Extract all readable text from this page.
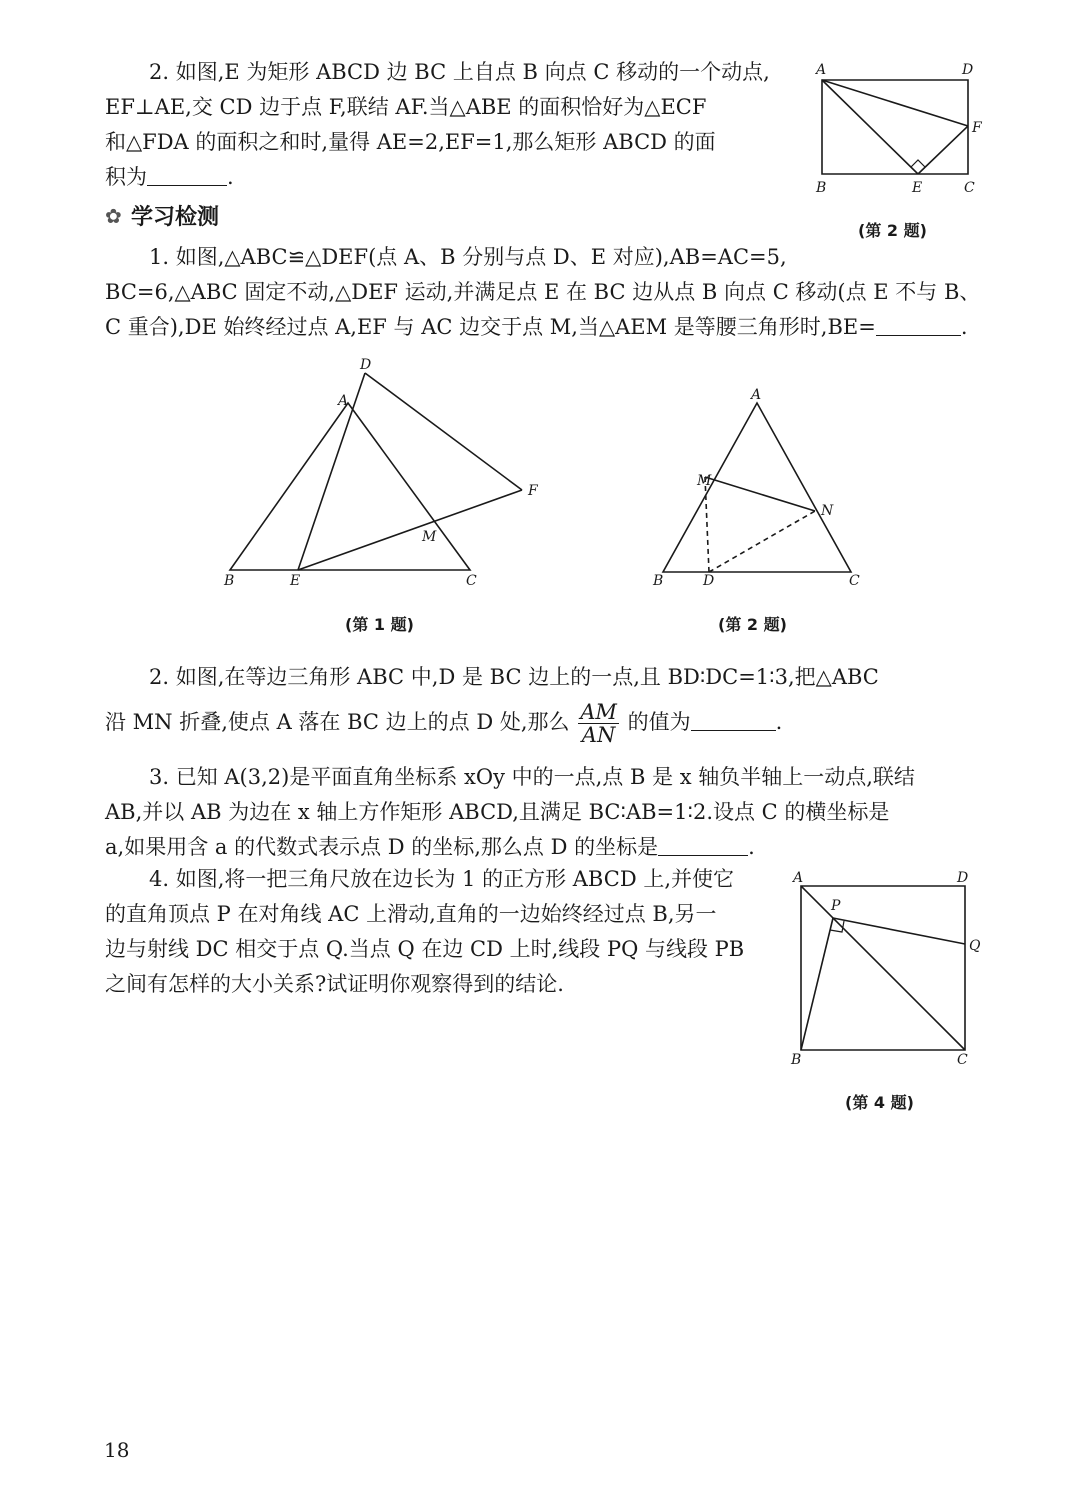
2. 如图,E 为矩形 ABCD 边 BC 上自点 B 向点 C 移动的一个动点,
EF⊥AE,交 CD 边于点 F,联结 AF.当△ABE 的面积恰好为△ECF
和△FDA 的面积之和时,量得 AE=2,EF=1,那么矩形 ABCD 的面
积为	.
A	D
B	E	C
F
(第 2 题)
✿ 学习检测
1. 如图,△ABC≌△DEF(点 A、B 分别与点 D、E 对应),AB=AC=5,
BC=6,△ABC 固定不动,△DEF 运动,并满足点 E 在 BC 边从点 B 向点 C 移动(点 E 不与 B、
C 重合),DE 始终经过点 A,EF 与 AC 边交于点 M,当△AEM 是等腰三角形时,BE=	.
D
A
F
M
B	E	C
(第 1 题)
A
M
N
B	D	C
(第 2 题)
2. 如图,在等边三角形 ABC 中,D 是 BC 边上的一点,且 BD∶DC=1∶3,把△ABC
沿 MN 折叠,使点 A 落在 BC 边上的点 D 处,那么 $\frac{AM}{AN}$ 的值为	.
3. 已知 A(3,2)是平面直角坐标系 xOy 中的一点,点 B 是 x 轴负半轴上一动点,联结
AB,并以 AB 为边在 x 轴上方作矩形 ABCD,且满足 BC∶AB=1∶2.设点 C 的横坐标是
a,如果用含 a 的代数式表示点 D 的坐标,那么点 D 的坐标是	.
4. 如图,将一把三角尺放在边长为 1 的正方形 ABCD 上,并使它
的直角顶点 P 在对角线 AC 上滑动,直角的一边始终经过点 B,另一
边与射线 DC 相交于点 Q.当点 Q 在边 CD 上时,线段 PQ 与线段 PB
之间有怎样的大小关系?试证明你观察得到的结论.
A	D
P
Q
B	C
(第 4 题)
18
